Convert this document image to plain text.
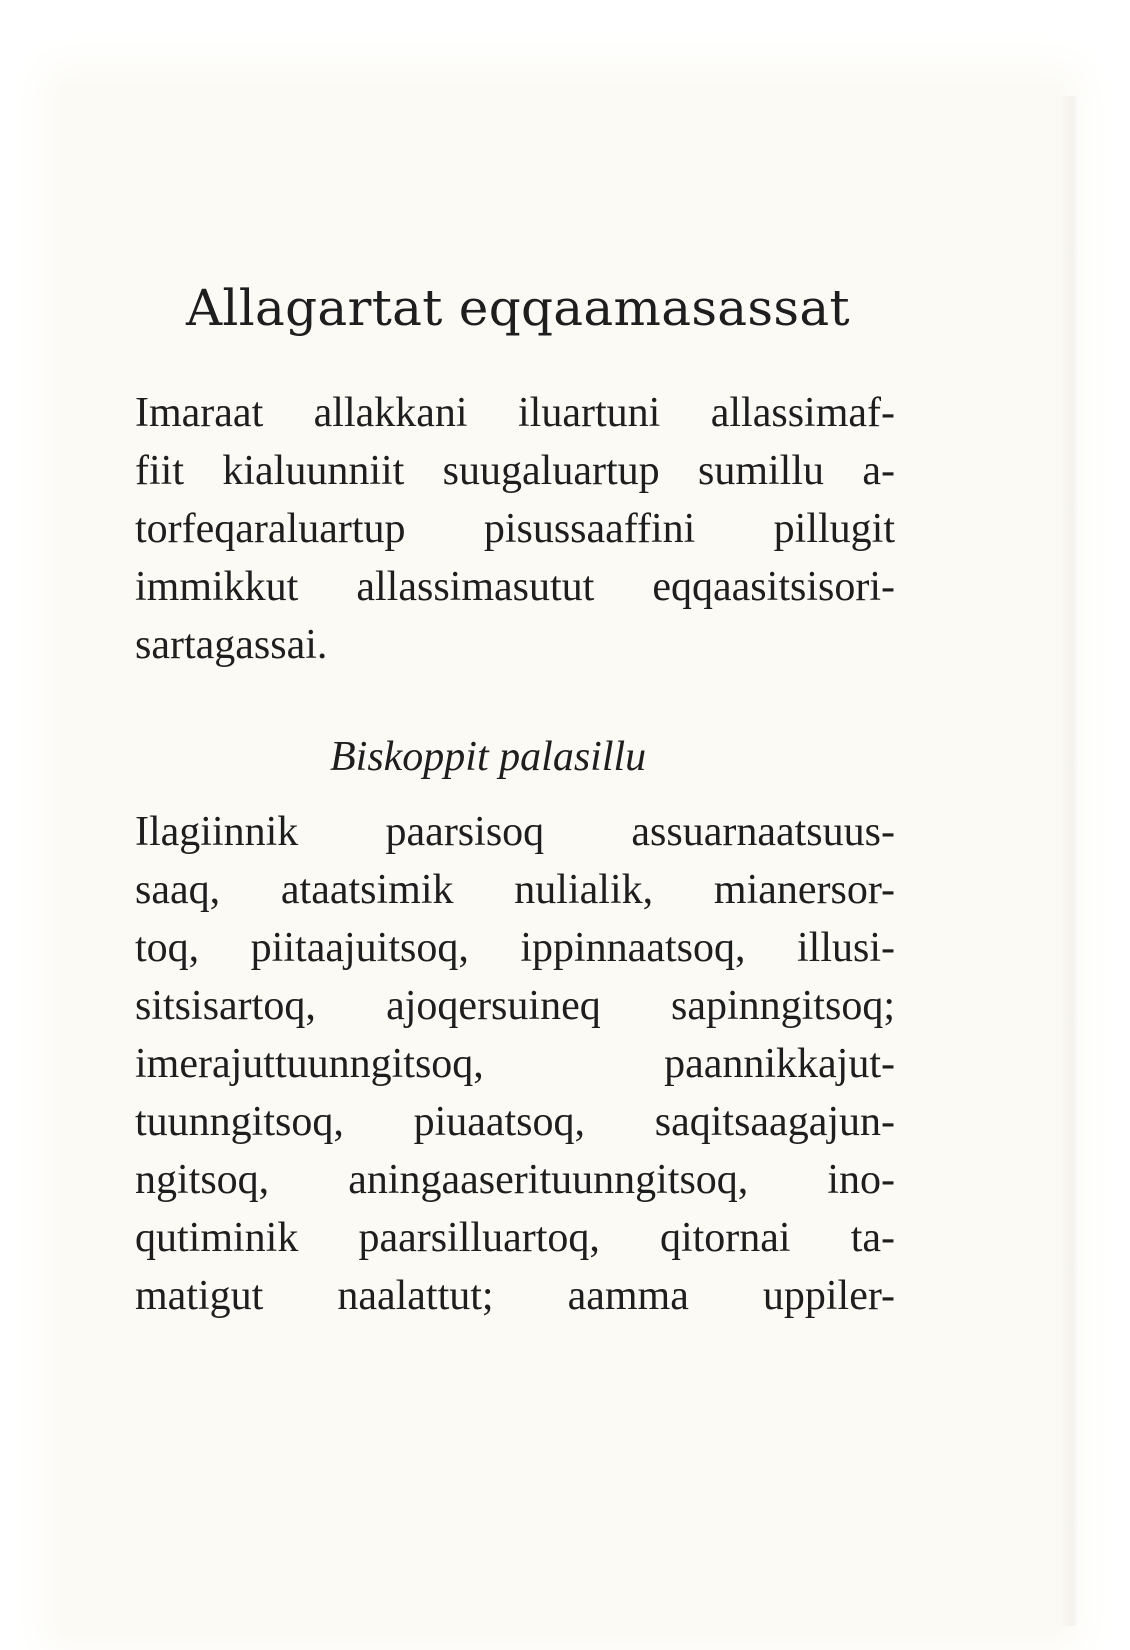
Allagartat eqqaamasassat
Imaraat allakkani iluartuni allassimaf-
fiit kialuunniit suugaluartup sumillu a-
torfeqaraluartup pisussaaffini pillugit
immikkut allassimasutut eqqaasitsisori-
sartagassai.
Biskoppit palasillu
Ilagiinnik paarsisoq assuarnaatsuus-
saaq, ataatsimik nulialik, mianersor-
toq, piitaajuitsoq, ippinnaatsoq, illusi-
sitsisartoq, ajoqersuineq sapinngitsoq;
imerajuttuunngitsoq, paannikkajut-
tuunngitsoq, piuaatsoq, saqitsaagajun-
ngitsoq, aningaaserituunngitsoq, ino-
qutiminik paarsilluartoq, qitornai ta-
matigut naalattut; aamma uppiler-
